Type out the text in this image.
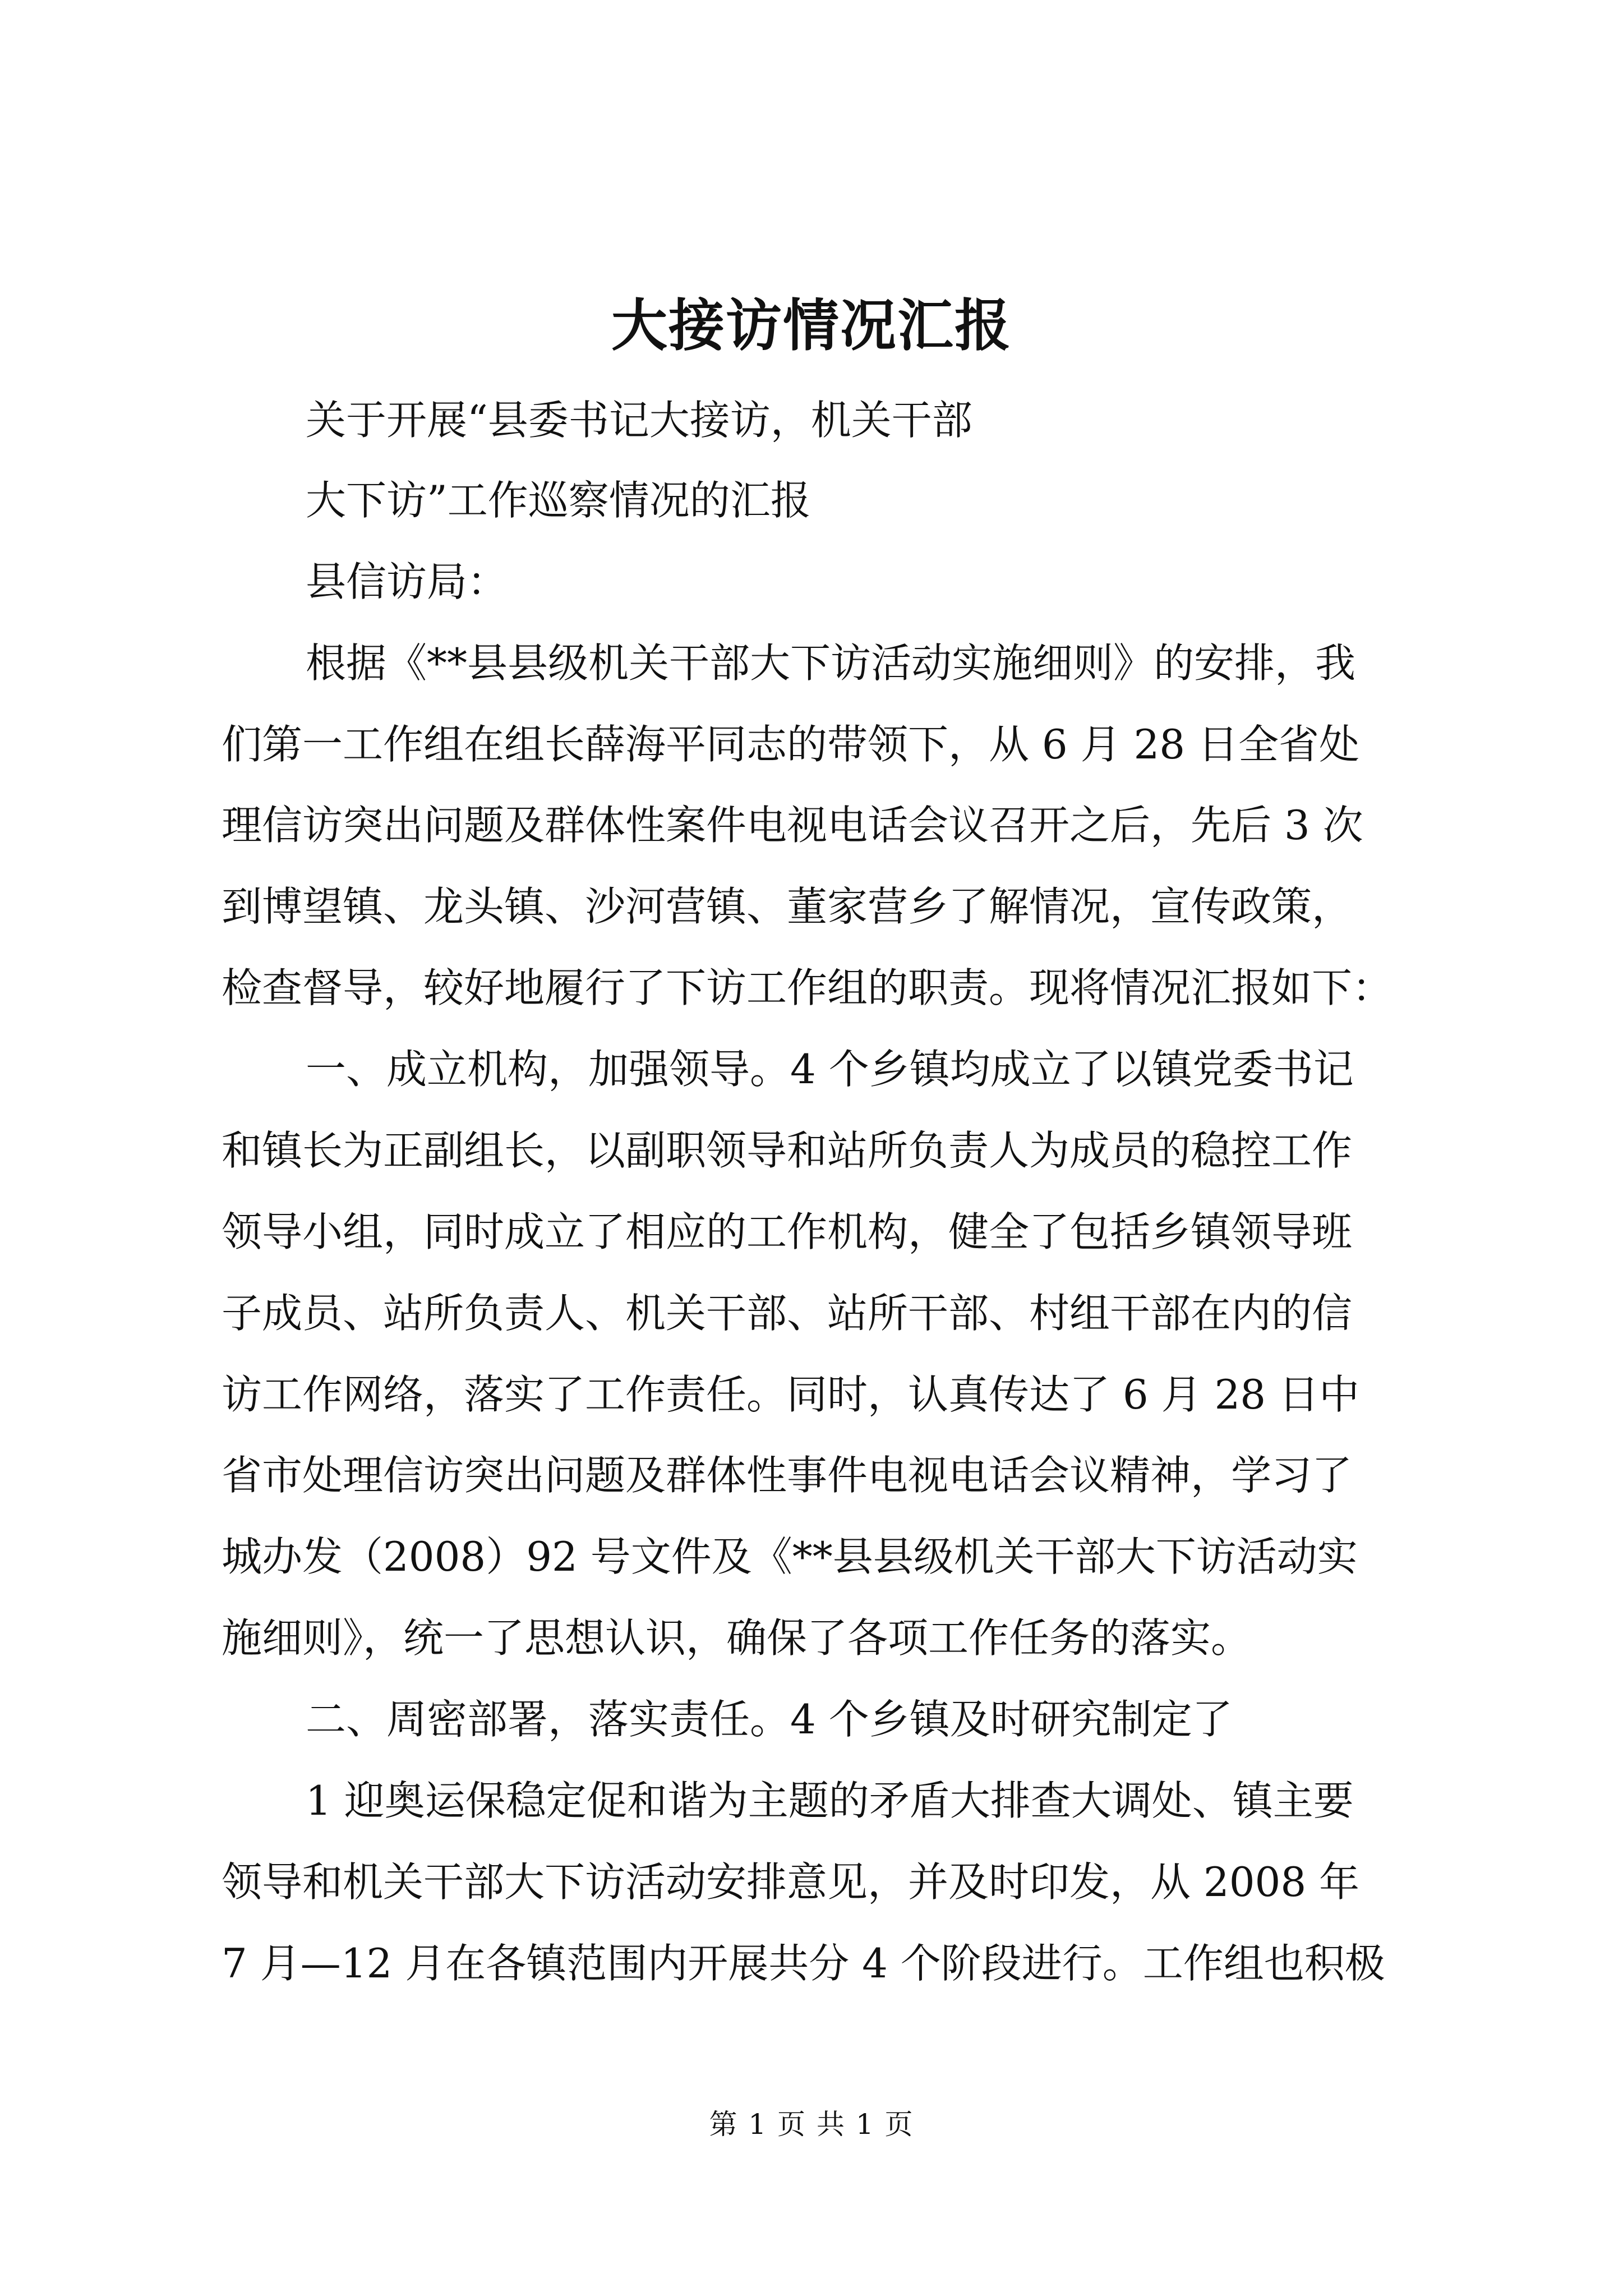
大接访情况汇报
关于开展“县委书记大接访，机关干部
大下访”工作巡察情况的汇报
县信访局：
根据《**县县级机关干部大下访活动实施细则》的安排，我
们第一工作组在组长薛海平同志的带领下，从 6 月 28 日全省处
理信访突出问题及群体性案件电视电话会议召开之后，先后 3 次
到博望镇、龙头镇、沙河营镇、董家营乡了解情况，宣传政策，
检查督导，较好地履行了下访工作组的职责。现将情况汇报如下：
一、成立机构，加强领导。4 个乡镇均成立了以镇党委书记
和镇长为正副组长，以副职领导和站所负责人为成员的稳控工作
领导小组，同时成立了相应的工作机构，健全了包括乡镇领导班
子成员、站所负责人、机关干部、站所干部、村组干部在内的信
访工作网络，落实了工作责任。同时，认真传达了 6 月 28 日中
省市处理信访突出问题及群体性事件电视电话会议精神，学习了
城办发（2008）92 号文件及《**县县级机关干部大下访活动实
施细则》，统一了思想认识，确保了各项工作任务的落实。
二、周密部署，落实责任。4 个乡镇及时研究制定了
1 迎奥运保稳定促和谐为主题的矛盾大排查大调处、镇主要
领导和机关干部大下访活动安排意见，并及时印发，从 2008 年
7 月—12 月在各镇范围内开展共分 4 个阶段进行。工作组也积极
第 1 页 共 1 页
